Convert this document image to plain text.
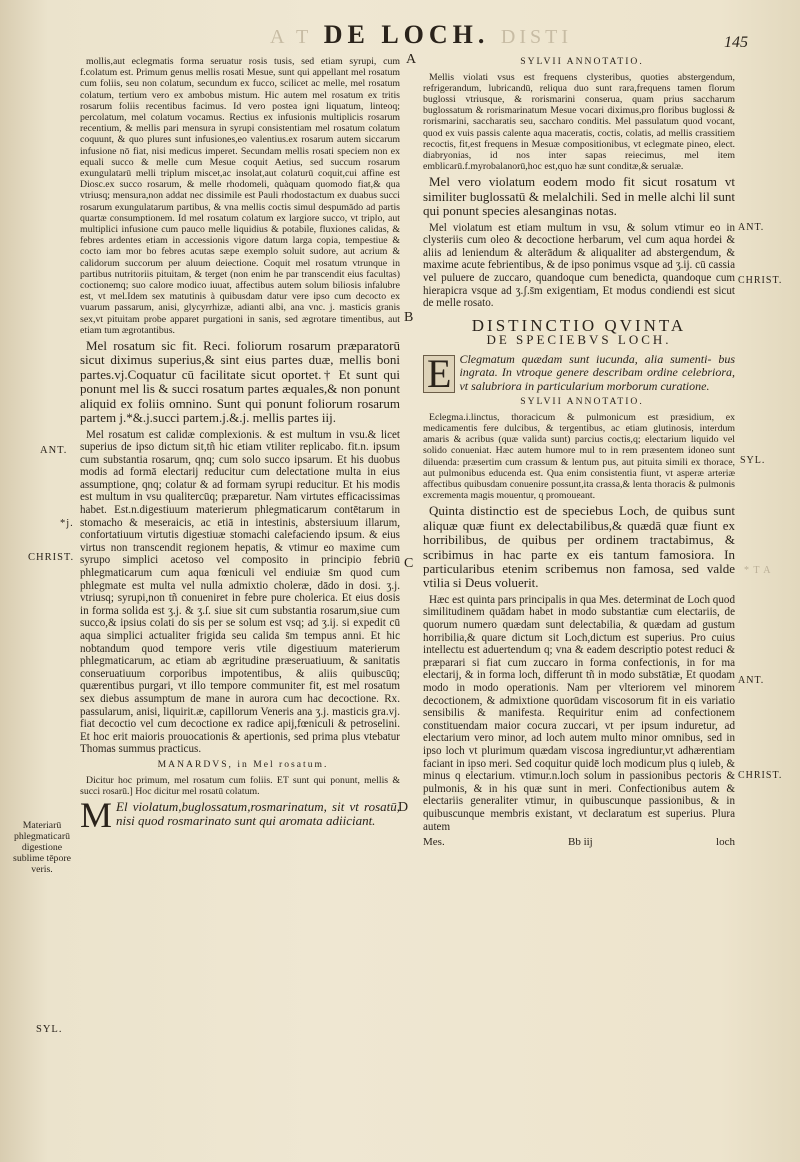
A T DE LOCH. DISTI	145

mollis,aut eclegmatis forma seruatur rosis tusis, sed etiam syrupi, cum f.colatum est. Primum genus mellis rosati Mesue, sunt qui appellant mel rosatum cum foliis, seu non colatum, secundum ex fucco, scilicet ac melle, mel rosatum colatum, tertium vero ex ambobus mistum. Hic autem mel rosatum ex tritis rosarum foliis recentibus facimus. Id vero postea igni liquatum, linteoq; percolatum, mel colatum vocamus. Rectius ex infusionis multiplicis rosarum recentium, & mellis pari mensura in syrupi consistentiam mel rosatum colatum coquunt, & quo plures sunt infusiones,eo valentius.ex rosarum autem siccarum infusione nō fiat, nisi medicus imperet. Secundam mellis rosati speciem non ex equali succo & melle cum Mesue coquit Aetius, sed succum rosarum exungulatarū melli triplum miscet,ac insolat,aut colaturū coquit,cui affine est Diosc.ex succo rosarum, & melle rhodomeli, quàquam quomodo fiat,& qua vtriusq; mensura,non addat nec dissimile est Pauli rhodostactum ex duabus succi rosarum exungulatarum partibus, & vna mellis coctis simul despumādo ad partis quartæ consumptionem. Id mel rosatum colatum ex largiore succo, vt triplo, aut multiplici infusione cum pauco melle liquidius & potabile, fluxiones calidas, & febres ardentes etiam in accessionis vigore datum larga copia, tempestiue & cocto iam mor bo febres acutas sæpe exemplo soluit sudore, aut acrium & calidorum succorum per aluum deiectione. Coquit mel rosatum vtrunque in partibus nutritoriis pituitam, & terget (non enim he par transcendit eius facultas) coctionemq; suo calore modico iuuat, affectibus autem solum biliosis infalubre est, vt mel.Idem sex matutinis à quibusdam datur vere ipso cum decocto ex vuarum passarum, anisi, glycyrrhizæ, adianti albi, ana vnc. j. masticis granis sex,vt pituitam probe apparet purgationi in sanis, sed ægrotare timentibus, aut etiam tum ægrotantibus.

Mel rosatum sic fit. Reci. foliorum rosarum præparatorū sicut diximus superius,& sint eius partes duæ, mellis boni partes.vj.Coquatur cū facilitate sicut oportet.† Et sunt qui ponunt mel lis & succi rosatum partes æquales,& non ponunt aliquid ex foliis omnino. Sunt qui ponunt foliorum rosarum partem j.*&.j.succi partem.j.&.j. mellis partes iij.

Mel rosatum est calidæ complexionis. & est multum in vsu.& licet superius de ipso dictum sit,tñ hic etiam vtiliter replicabo. fit.n. ipsum cum substantia rosarum, qnq; cum solo succo ipsarum. Et his duobus modis ad formā electarij reducitur cum delectatione multa in eius assumptione, qnq; colatur & ad formam syrupi reducitur. Et his modis est multum in vsu qualitercūq; præparetur. Nam virtutes efficacissimas habet. Est.n.digestiuum materierum phlegmaticarum contētarum in stomacho & meseraicis, ac etiā in intestinis, abstersiuum illarum, confortatiuum virtutis digestiuæ stomachi calefaciendo ipsum. & eius virtus non transcendit regionem hepatis, & vtimur eo maxime cum syrupo simplici acetoso vel composito in principio febriū phlegmaticarum cum aqua fœniculi vel endiuiæ s̄m quod cum phlegmate est multa vel nulla admixtio choleræ, dādo in dosi. ʒ.j. vtriusq; syrupi,non tñ conueniret in febre pure cholerica. Et eius dosis in forma solida est ʒ.j. & ʒ.ſ. siue sit cum substantia rosarum,siue cum succo,& ipsius colati do sis per se solum est vsq; ad ʒ.ij. si expedit cū aqua simplici actualiter frigida seu calida s̄m tempus anni. Et hic nobtandum quod tempore veris vtile digestiuum materierum phlegmaticarum, ac etiam ab ægritudine præseruatiuum, & sanitatis conseruatiuum corporibus impotentibus, & aliis quibuscūq; quærentibus purgari, vt illo tempore communiter fit, est mel rosatum sex diebus assumptum de mane in aurora cum hac decoctione. Rx. passularum, anisi, liquirit.æ, capillorum Veneris ana ʒ.j. masticis gra.vj. fiat decoctio vel cum decoctione ex radice apij,fœniculi & petroselini. Et hoc erit maioris prouocationis & apertionis, sed prima plus vtebatur Thomas summus practicus.

MANARDVS, in Mel rosatum.

Dicitur hoc primum, mel rosatum cum foliis. ET sunt qui ponunt, mellis & succi rosarū.] Hoc dicitur mel rosatū colatum.

M El violatum,buglossatum,rosmarinatum, sit vt rosatū, nisi quod rosmarinato sunt qui aromata adiiciant.

SYLVII ANNOTATIO.

Mellis violati vsus est frequens clysteribus, quoties abstergendum, refrigerandum, lubricandū, reliqua duo sunt rara,frequens tamen florum buglossi vtriusque, & rorismarini conserua, quam prius saccharum buglossatum & rorismarinatum Mesue vocari diximus,pro floribus buglossi & rorismarini, saccharatis seu, saccharo conditis. Mel passulatum quod vocant, quod ex vuis passis calente aqua maceratis, coctis, colatis, ad mellis crassitiem recoctis, fit,est frequens in Mesuæ compositionibus, vt eclegmate pineo, elect. diabryonias, id nos inter sapas reiecimus, mel item emblicarū.f.myrobalanorū,hoc est,quo hæ sunt conditæ,& serualæ.

Mel vero violatum eodem modo fit sicut rosatum vt similiter buglossatū & melalchili. Sed in melle alchi lil sunt qui ponunt species alesanginas notas.

Mel violatum est etiam multum in vsu, & solum vtimur eo in clysteriis cum oleo & decoctione herbarum, vel cum aqua hordei & aliis ad leniendum & alterādum & aliqualiter ad abstergendum, & maxime acute febrientibus, & de ipso ponimus vsque ad ʒ.ij. cū cassia vel puluere de zuccaro, quandoque cum benedicta, quandoque cum hierapicra vsque ad ʒ.ʃ.s̄m exigentiam, Et modus condiendi est sicut de melle rosato.

DISTINCTIO QVINTA
DE SPECIEBVS LOCH.

E Clegmatum quædam sunt iucunda, alia sumenti- bus ingrata. In vtroque genere describam ordine celebriora, vt salubriora in particularium morborum curatione.

SYLVII ANNOTATIO.

Eclegma.i.linctus, thoracicum & pulmonicum est præsidium, ex medicamentis fere dulcibus, & tergentibus, ac etiam glutinosis, interdum amaris & acribus (quæ valida sunt) parcius coctis,q; electarium liquido vel solido conueniat. Hæc autem humore mul to in rem præsentem idoneo sunt diluenda: præsertim cum crassum & lentum pus, aut pituita simili ex thorace, aut pulmonibus educenda est. Qua enim consistentia fiunt, vt asperæ arteriæ affectibus quibusdam conuenire possunt,ita crassa,& lenta thoracis & pulmonis excrementa magis mouentur, q promoueant.

Quinta distinctio est de speciebus Loch, de quibus sunt aliquæ quæ fiunt ex delectabilibus,& quædā quæ fiunt ex horribilibus, de quibus per ordinem tractabimus, & scribimus in hac parte ex eis tantum famosiora. In particularibus etenim scribemus non famosa, sed valde vtilia si Deus voluerit.

Hæc est quinta pars principalis in qua Mes. determinat de Loch quod similitudinem quādam habet in modo substantiæ cum electariis, de quorum numero quædam sunt delectabilia, & quædam ad gustum horribilia,& quare dictum sit Loch,dictum est superius. Pro cuius intellectu est aduertendum q; vna & eadem descriptio potest reduci & præparari si fiat cum zuccaro in forma confectionis, in for ma electarij, & in forma loch, differunt tñ in modo substātiæ, Et quodam modo in modo operationis. Nam per vlteriorem vel minorem decoctionem, & admixtione quorūdam viscosorum fit in eis variatio sensibilis & manifesta. Requiritur enim ad confectionem constituendam maior cocura zuccari, vt per ipsum induretur, ad electarium vero minor, ad loch autem multo minor omnibus, sed in ipso loch vt plurimum quædam viscosa ingrediuntur,vt adhærentiam faciant in ipso meri. Sed coquitur quidē loch modicum plus q iuleb, & minus q electarium. vtimur.n.loch solum in passionibus pectoris & pulmonis, & in his quæ sunt in meri. Confectionibus autem & electariis generaliter vtimur, in quibuscunque passionibus, & in quibuscunque membris existant, vt declaratum est superius. Plura autem

Mes.	Bb iij	loch
ANT.
*j.
CHRIST.
Materiarū phlegmaticarū digestione sublime tēpore veris.
SYL.
A
B
C
D
ANT.
CHRIST.
SYL.
* T A
ANT.
CHRIST.
